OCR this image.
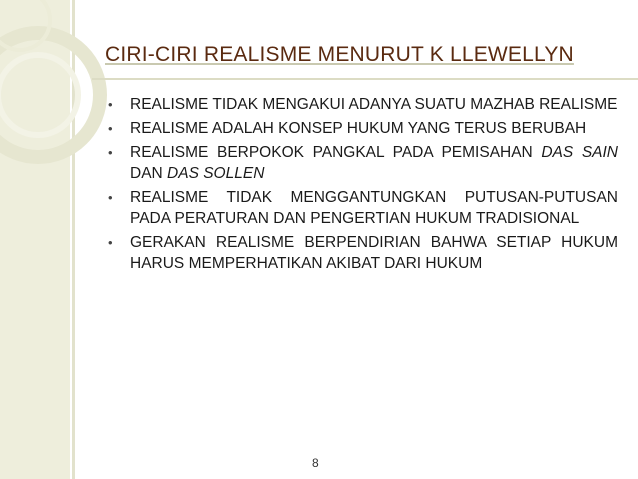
CIRI-CIRI REALISME MENURUT K LLEWELLYN
• REALISME TIDAK MENGAKUI ADANYA SUATU MAZHAB REALISME
• REALISME ADALAH KONSEP HUKUM YANG TERUS BERUBAH
• REALISME BERPOKOK PANGKAL PADA PEMISAHAN DAS SAIN DAN DAS SOLLEN
• REALISME TIDAK MENGGANTUNGKAN PUTUSAN-PUTUSAN PADA PERATURAN DAN PENGERTIAN HUKUM TRADISIONAL
• GERAKAN REALISME BERPENDIRIAN BAHWA SETIAP HUKUM HARUS MEMPERHATIKAN AKIBAT DARI HUKUM
8
